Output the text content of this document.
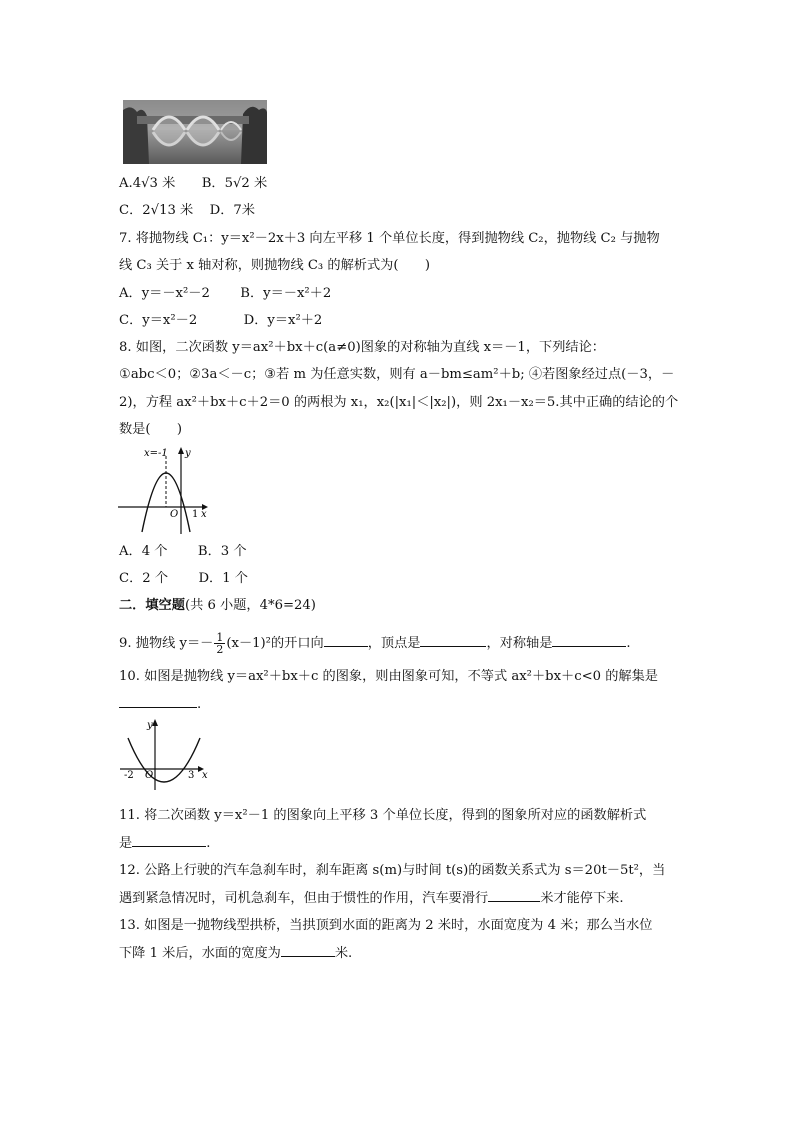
A.4√3 米 B．5√2 米
C．2√13 米 D．7米
7. 将抛物线 C₁：y＝x²－2x＋3 向左平移 1 个单位长度，得到抛物线 C₂，抛物线 C₂ 与抛物
线 C₃ 关于 x 轴对称，则抛物线 C₃ 的解析式为(　　)
A．y＝－x²－2 B．y＝－x²＋2
C．y＝x²－2	D．y＝x²＋2
8. 如图，二次函数 y＝ax²＋bx＋c(a≠0)图象的对称轴为直线 x＝－1，下列结论：
①abc＜0；②3a＜－c；③若 m 为任意实数，则有 a－bm≤am²＋b; ④若图象经过点(－3，－
2)，方程 ax²＋bx＋c＋2＝0 的两根为 x₁，x₂(|x₁|＜|x₂|)，则 2x₁－x₂＝5.其中正确的结论的个
数是(　　)
x=-1 y
O 1 x
A．4 个 B．3 个
C．2 个 D．1 个
二．填空题(共 6 小题，4*6=24)
9. 抛物线 $y=- \frac{1}{2} (x-1)^2$的开口向	，顶点是	，对称轴是	.
10. 如图是抛物线 y＝ax²＋bx＋c 的图象，则由图象可知，不等式 ax²＋bx＋c<0 的解集是
.
y
-2 O	3 x
11. 将二次函数 y＝x²－1 的图象向上平移 3 个单位长度，得到的图象所对应的函数解析式
是	.
12. 公路上行驶的汽车急刹车时，刹车距离 s(m)与时间 t(s)的函数关系式为 s＝20t－5t²，当
遇到紧急情况时，司机急刹车，但由于惯性的作用，汽车要滑行	米才能停下来.
13. 如图是一抛物线型拱桥，当拱顶到水面的距离为 2 米时，水面宽度为 4 米；那么当水位
下降 1 米后，水面的宽度为	米.
